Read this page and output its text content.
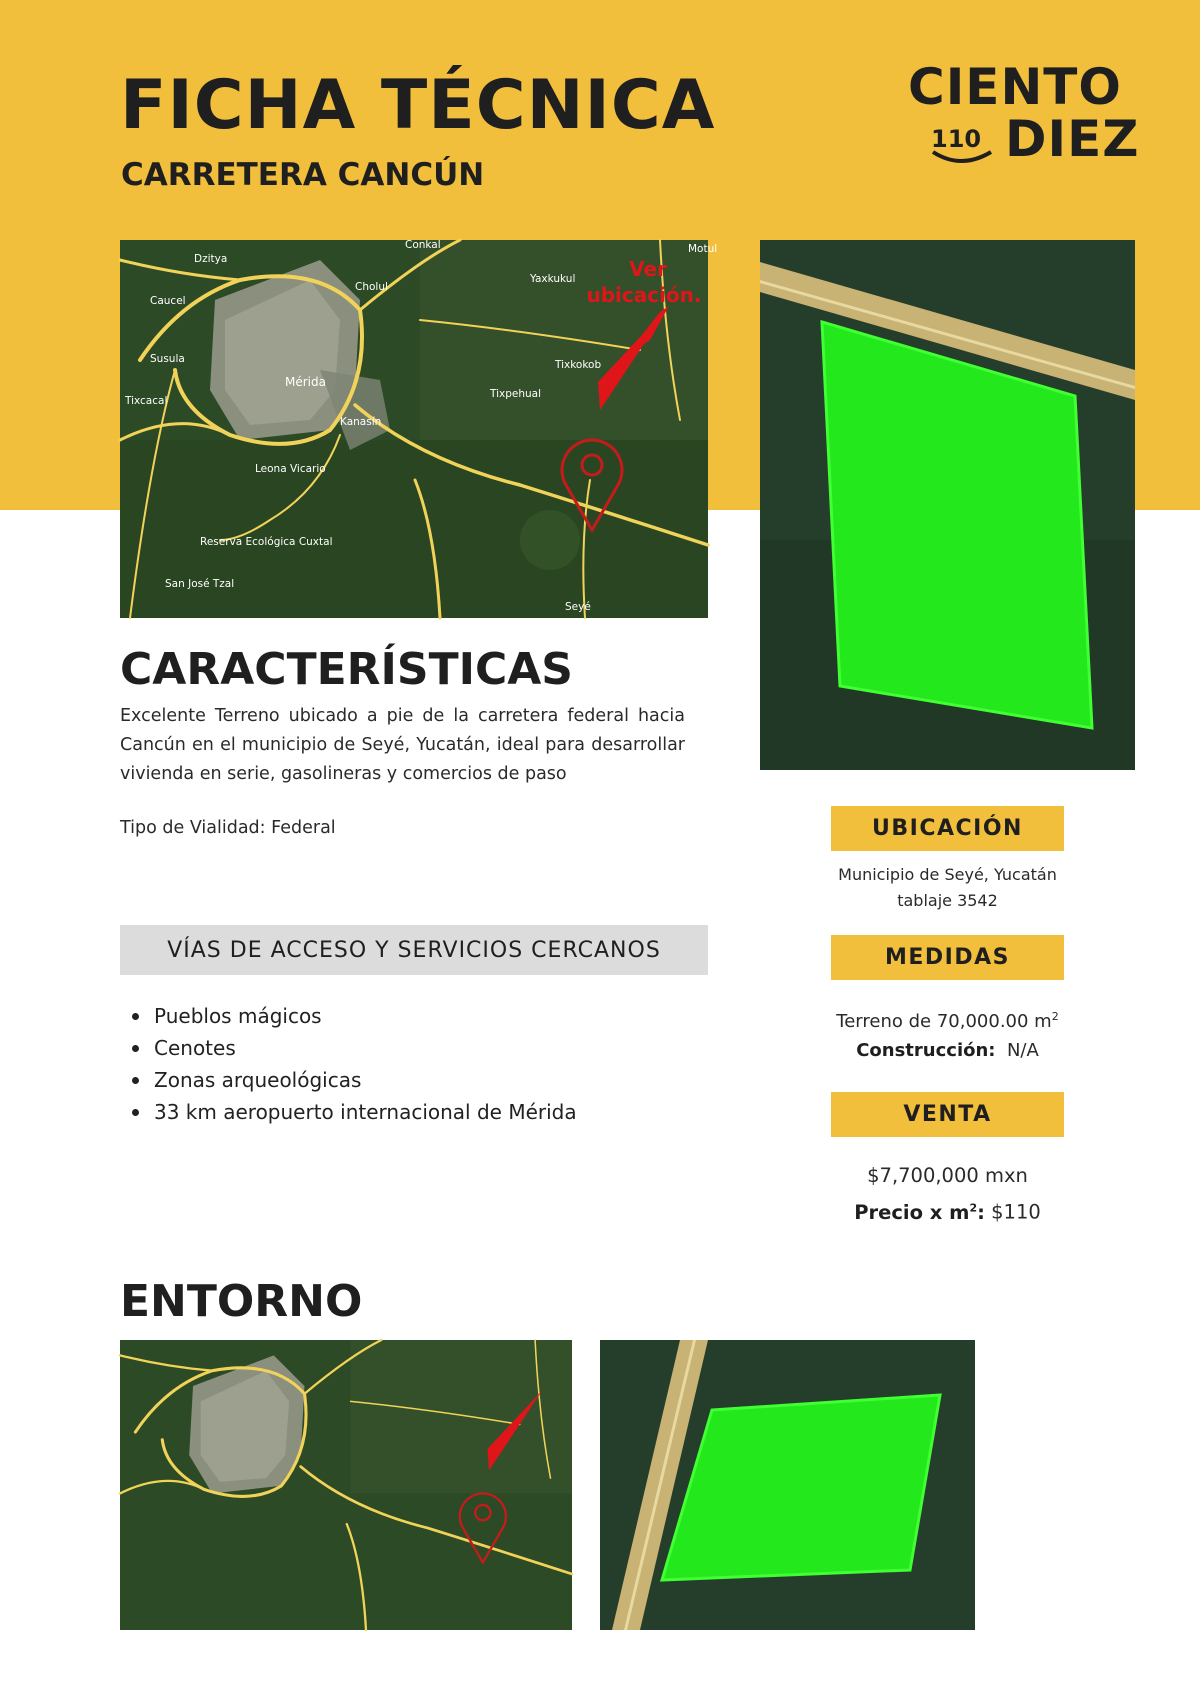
FICHA TÉCNICA
CARRETERA CANCÚN
CIENTO
110 DIEZ
Dzitya
Conkal
Cholul
Yaxkukul
Caucel
Susula
Mérida
Tixcacal
Tixkokob
Tixpehual
Kanasín
Leona Vicario
Reserva Ecológica Cuxtal
San José Tzal
Seyé
Motul
Ver
ubicación.
CARACTERÍSTICAS

Excelente Terreno ubicado a pie de la carretera federal hacia Cancún en el municipio de Seyé, Yucatán, ideal para desarrollar vivienda en serie, gasolineras y comercios de paso

Tipo de Vialidad: Federal
VÍAS DE ACCESO Y SERVICIOS CERCANOS
Pueblos mágicos
Cenotes
Zonas arqueológicas
33 km aeropuerto internacional de Mérida
UBICACIÓN
Municipio de Seyé, Yucatán
tablaje 3542
MEDIDAS
Terreno de 70,000.00 $m^2$
Construcción: N/A
VENTA
$7,700,000 mxn
Precio x $m^2$: $110
ENTORNO
